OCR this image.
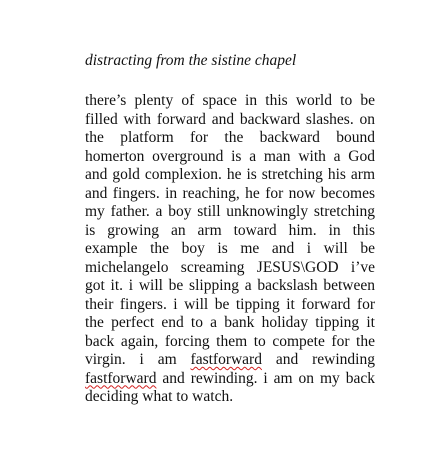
distracting from the sistine chapel
there’s plenty of space in this world to be
filled with forward and backward slashes. on
the platform for the backward bound
homerton overground is a man with a God
and gold complexion. he is stretching his arm
and fingers. in reaching, he for now becomes
my father. a boy still unknowingly stretching
is growing an arm toward him. in this
example the boy is me and i will be
michelangelo screaming JESUS\GOD i’ve
got it. i will be slipping a backslash between
their fingers. i will be tipping it forward for
the perfect end to a bank holiday tipping it
back again, forcing them to compete for the
virgin. i am fastforward and rewinding
fastforward and rewinding. i am on my back
deciding what to watch.
